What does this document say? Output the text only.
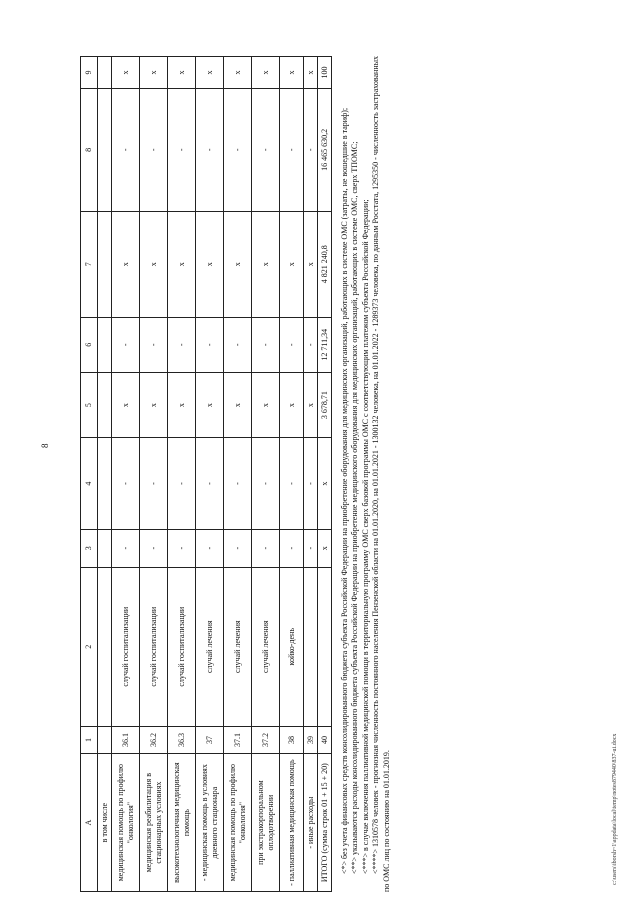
8
A	1	2	3	4	5	6	7	8	9
в том числе									
медицинская помощь по профилю "онкология"	36.1	случай госпитализации	-	-	х	-	х	-	х
медицинская реабилитация в стационарных условиях	36.2	случай госпитализации	-	-	х	-	х	-	х
высокотехнологичная медицинская помощь	36.3	случай госпитализации	-	-	х	-	х	-	х
- медицинская помощь в условиях дневного стационара	37	случай лечения	-	-	х	-	х	-	х
медицинская помощь по профилю "онкология"	37.1	случай лечения	-	-	х	-	х	-	х
при экстракорпоральном оплодотворении	37.2	случай лечения	-	-	х	-	х	-	х
- паллиативная медицинская помощь	38	койко-день	-	-	х	-	х	-	х
- иные расходы	39		-	-	х	-	х	-	х
ИТОГО (сумма строк 01 + 15 + 20)	40		х	х	3 678,71	12 711,34	4 821 240,8	16 465 630,2	100

<*> без учета финансовых средств консолидированного бюджета субъекта Российской Федерации на приобретение оборудования для медицинских организаций, работающих в системе ОМС (затраты, не вошедшие в тариф); <**> указываются расходы консолидированного бюджета субъекта Российской Федерации на приобретение медицинского оборудования для медицинских организаций, работающих в системе ОМС, сверх ТПОМС; <***> в случае включения паллиативной медицинской помощи в территориальную программу ОМС сверх базовой программы ОМС с соответствующим платежом субъекта Российской Федерации; <****> 1310578 человек - прогнозная численность постоянного населения Пензенской области на 01.01.2020, на 01.01.2021 - 1300132 человека, на 01.01.2022 - 1289373 человека, по данным Росстата, 1295350 - численность застрахованных по ОМС лиц по состоянию на 01.01.2019.	c:\users\iborsh~1\appdata\local\temp\notes879440\837-ui.docx
